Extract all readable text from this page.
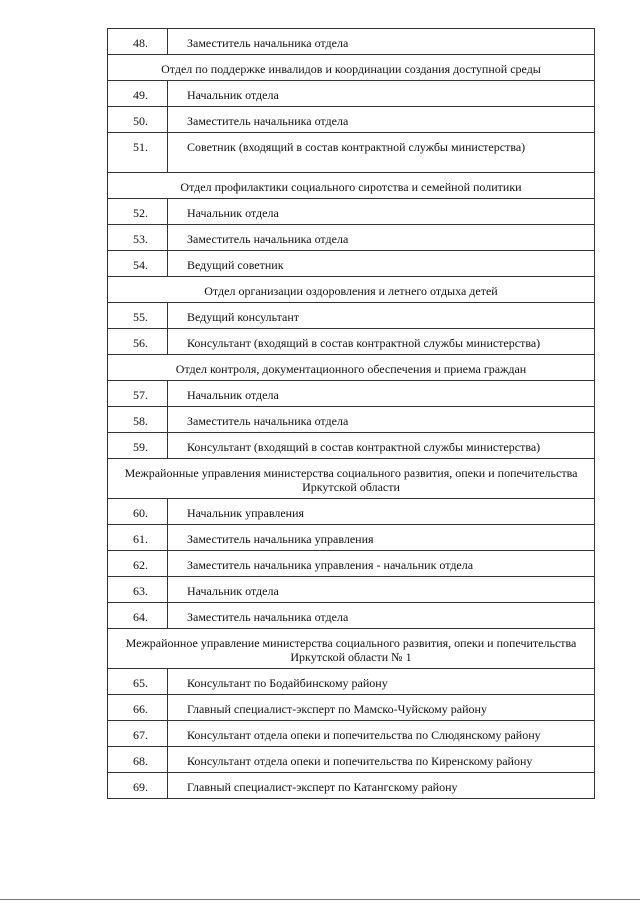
48.	Заместитель начальника отдела
Отдел по поддержке инвалидов и координации создания доступной среды	
49.	Начальник отдела
50.	Заместитель начальника отдела
51.	Советник (входящий в состав контрактной службы министерства)
Отдел профилактики социального сиротства и семейной политики	
52.	Начальник отдела
53.	Заместитель начальника отдела
54.	Ведущий советник
Отдел организации оздоровления и летнего отдыха детей	
55.	Ведущий консультант
56.	Консультант (входящий в состав контрактной службы министерства)
Отдел контроля, документационного обеспечения и приема граждан	
57.	Начальник отдела
58.	Заместитель начальника отдела
59.	Консультант (входящий в состав контрактной службы министерства)
Межрайонные управления министерства социального развития, опеки и попечительства Иркутской области	
60.	Начальник управления
61.	Заместитель начальника управления
62.	Заместитель начальника управления - начальник отдела
63.	Начальник отдела
64.	Заместитель начальника отдела
Межрайонное управление министерства социального развития, опеки и попечительства Иркутской области № 1	
65.	Консультант по Бодайбинскому району
66.	Главный специалист-эксперт по Мамско-Чуйскому району
67.	Консультант отдела опеки и попечительства по Слюдянскому району
68.	Консультант отдела опеки и попечительства по Киренскому району
69.	Главный специалист-эксперт по Катангскому району
